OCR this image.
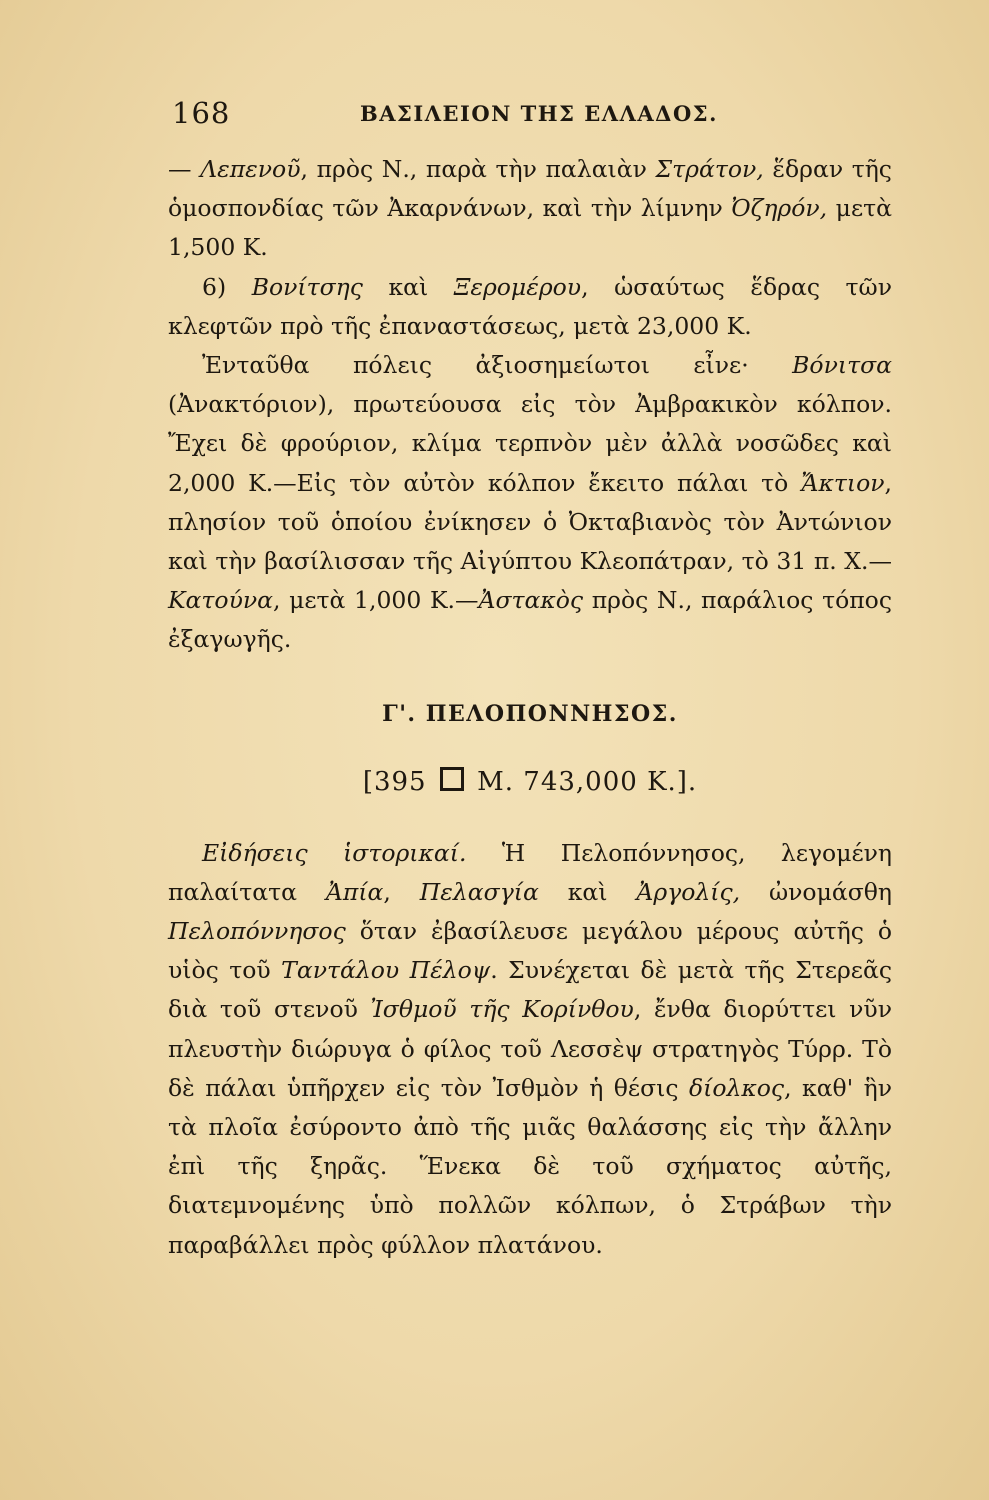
168	ΒΑΣΙΛΕΙΟΝ ΤΗΣ ΕΛΛΑΔΟΣ.

— Λεπενοῦ, πρὸς Ν., παρὰ τὴν παλαιὰν Στράτον, ἕδραν τῆς ὁμοσπονδίας τῶν Ἀκαρνάνων, καὶ τὴν λίμνην Ὀζηρόν, μετὰ 1,500 Κ.

6) Βονίτσης καὶ Ξερομέρου, ὡσαύτως ἕδρας τῶν κλεφτῶν πρὸ τῆς ἐπαναστάσεως, μετὰ 23,000 Κ.

Ἐνταῦθα πόλεις ἀξιοσημείωτοι εἶνε· Βόνιτσα (Ἀνακτόριον), πρωτεύουσα εἰς τὸν Ἀμβρακικὸν κόλπον. Ἔχει δὲ φρούριον, κλίμα τερπνὸν μὲν ἀλλὰ νοσῶδες καὶ 2,000 Κ.—Εἰς τὸν αὐτὸν κόλπον ἔκειτο πάλαι τὸ Ἄκτιον, πλησίον τοῦ ὁποίου ἐνίκησεν ὁ Ὀκταβιανὸς τὸν Ἀντώνιον καὶ τὴν βασίλισσαν τῆς Αἰγύπτου Κλεοπάτραν, τὸ 31 π. Χ.—Κατούνα, μετὰ 1,000 Κ.—Ἀστακὸς πρὸς Ν., παράλιος τόπος ἐξαγωγῆς.

Γ'. ΠΕΛΟΠΟΝΝΗΣΟΣ.

[395 Μ. 743,000 Κ.].

Εἰδήσεις ἱστορικαί. Ἡ Πελοπόννησος, λεγομένη παλαίτατα Ἀπία, Πελασγία καὶ Ἀργολίς, ὠνομάσθη Πελοπόννησος ὅταν ἐβασίλευσε μεγάλου μέρους αὐτῆς ὁ υἱὸς τοῦ Ταντάλου Πέλοψ. Συνέχεται δὲ μετὰ τῆς Στερεᾶς διὰ τοῦ στενοῦ Ἰσθμοῦ τῆς Κορίνθου, ἔνθα διορύττει νῦν πλευστὴν διώρυγα ὁ φίλος τοῦ Λεσσὲψ στρατηγὸς Τύρρ. Τὸ δὲ πάλαι ὑπῆρχεν εἰς τὸν Ἰσθμὸν ἡ θέσις δίολκος, καθ' ἣν τὰ πλοῖα ἐσύροντο ἀπὸ τῆς μιᾶς θαλάσσης εἰς τὴν ἄλλην ἐπὶ τῆς ξηρᾶς. Ἕνεκα δὲ τοῦ σχήματος αὐτῆς, διατεμνομένης ὑπὸ πολλῶν κόλπων, ὁ Στράβων τὴν παραβάλλει πρὸς φύλλον πλατάνου.
